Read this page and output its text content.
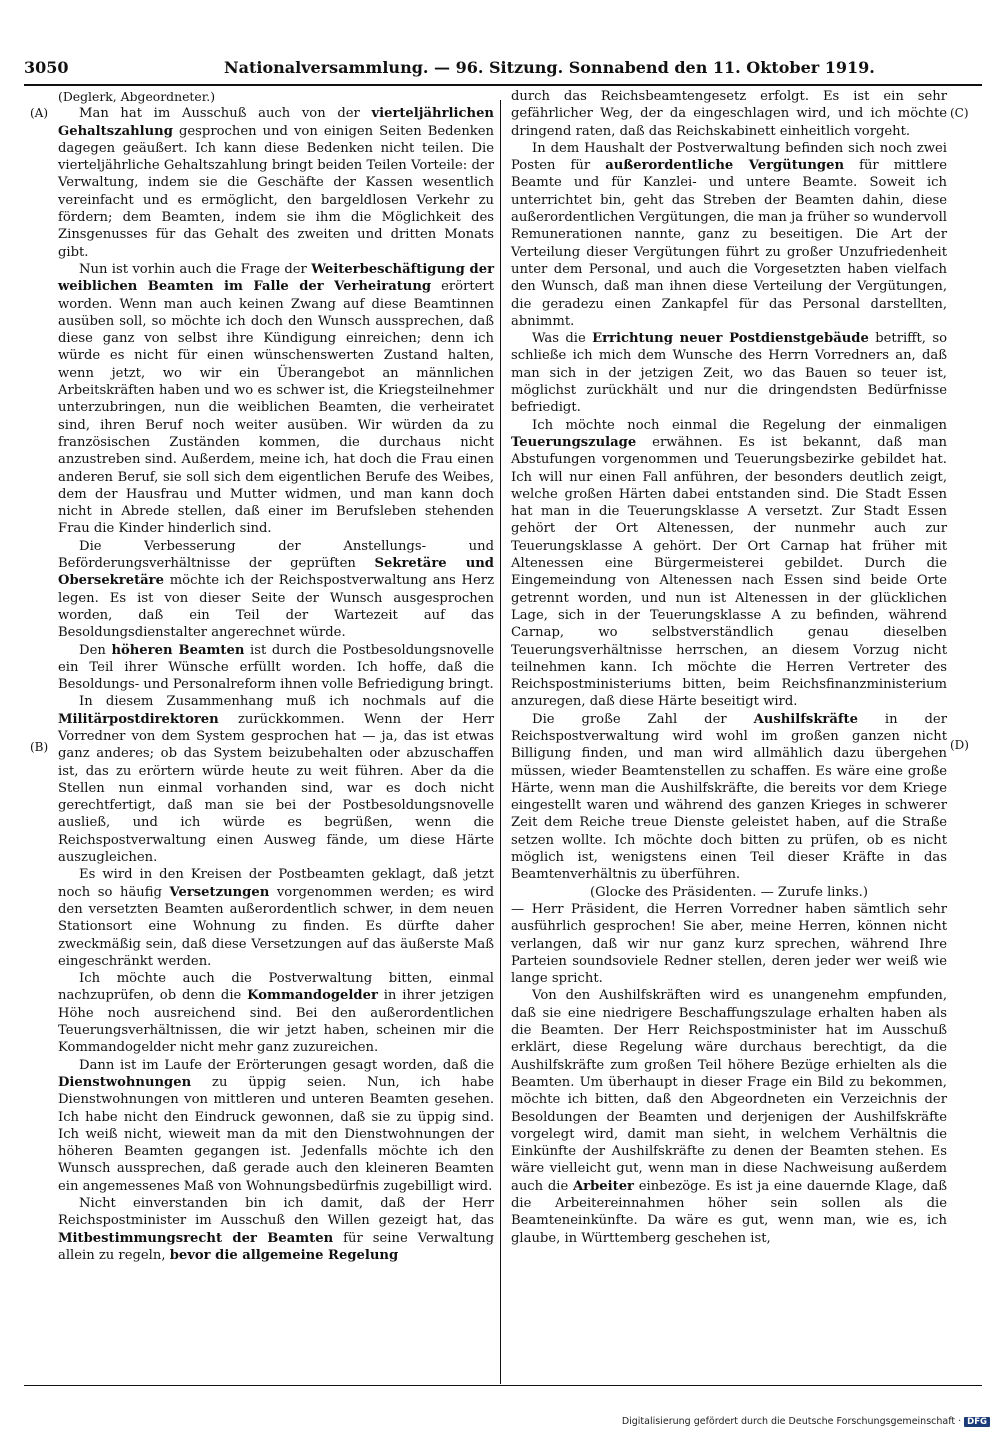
3050	Nationalversammlung. — 96. Sitzung. Sonnabend den 11. Oktober 1919.
(A)
(B)
(C)
(D)

(Deglerk, Abgeordneter.)

Man hat im Ausschuß auch von der vierteljährlichen Gehaltszahlung gesprochen und von einigen Seiten Bedenken dagegen geäußert. Ich kann diese Bedenken nicht teilen. Die vierteljährliche Gehaltszahlung bringt beiden Teilen Vorteile: der Verwaltung, indem sie die Geschäfte der Kassen wesentlich vereinfacht und es ermöglicht, den bargeldlosen Verkehr zu fördern; dem Beamten, indem sie ihm die Möglichkeit des Zinsgenusses für das Gehalt des zweiten und dritten Monats gibt.

Nun ist vorhin auch die Frage der Weiterbeschäftigung der weiblichen Beamten im Falle der Verheiratung erörtert worden. Wenn man auch keinen Zwang auf diese Beamtinnen ausüben soll, so möchte ich doch den Wunsch aussprechen, daß diese ganz von selbst ihre Kündigung einreichen; denn ich würde es nicht für einen wünschenswerten Zustand halten, wenn jetzt, wo wir ein Überangebot an männlichen Arbeitskräften haben und wo es schwer ist, die Kriegsteilnehmer unterzubringen, nun die weiblichen Beamten, die verheiratet sind, ihren Beruf noch weiter ausüben. Wir würden da zu französischen Zuständen kommen, die durchaus nicht anzustreben sind. Außerdem, meine ich, hat doch die Frau einen anderen Beruf, sie soll sich dem eigentlichen Berufe des Weibes, dem der Hausfrau und Mutter widmen, und man kann doch nicht in Abrede stellen, daß einer im Berufsleben stehenden Frau die Kinder hinderlich sind.

Die Verbesserung der Anstellungs- und Beförderungsverhältnisse der geprüften Sekretäre und Obersekretäre möchte ich der Reichspostverwaltung ans Herz legen. Es ist von dieser Seite der Wunsch ausgesprochen worden, daß ein Teil der Wartezeit auf das Besoldungsdienstalter angerechnet würde.

Den höheren Beamten ist durch die Postbesoldungsnovelle ein Teil ihrer Wünsche erfüllt worden. Ich hoffe, daß die Besoldungs- und Personalreform ihnen volle Befriedigung bringt.

In diesem Zusammenhang muß ich nochmals auf die Militärpostdirektoren zurückkommen. Wenn der Herr Vorredner von dem System gesprochen hat — ja, das ist etwas ganz anderes; ob das System beizubehalten oder abzuschaffen ist, das zu erörtern würde heute zu weit führen. Aber da die Stellen nun einmal vorhanden sind, war es doch nicht gerechtfertigt, daß man sie bei der Postbesoldungsnovelle ausließ, und ich würde es begrüßen, wenn die Reichspostverwaltung einen Ausweg fände, um diese Härte auszugleichen.

Es wird in den Kreisen der Postbeamten geklagt, daß jetzt noch so häufig Versetzungen vorgenommen werden; es wird den versetzten Beamten außerordentlich schwer, in dem neuen Stationsort eine Wohnung zu finden. Es dürfte daher zweckmäßig sein, daß diese Versetzungen auf das äußerste Maß eingeschränkt werden.

Ich möchte auch die Postverwaltung bitten, einmal nachzuprüfen, ob denn die Kommandogelder in ihrer jetzigen Höhe noch ausreichend sind. Bei den außerordentlichen Teuerungsverhältnissen, die wir jetzt haben, scheinen mir die Kommandogelder nicht mehr ganz zuzureichen.

Dann ist im Laufe der Erörterungen gesagt worden, daß die Dienstwohnungen zu üppig seien. Nun, ich habe Dienstwohnungen von mittleren und unteren Beamten gesehen. Ich habe nicht den Eindruck gewonnen, daß sie zu üppig sind. Ich weiß nicht, wieweit man da mit den Dienstwohnungen der höheren Beamten gegangen ist. Jedenfalls möchte ich den Wunsch aussprechen, daß gerade auch den kleineren Beamten ein angemessenes Maß von Wohnungsbedürfnis zugebilligt wird.

Nicht einverstanden bin ich damit, daß der Herr Reichspostminister im Ausschuß den Willen gezeigt hat, das Mitbestimmungsrecht der Beamten für seine Verwaltung allein zu regeln, bevor die allgemeine Regelung

durch das Reichsbeamtengesetz erfolgt. Es ist ein sehr gefährlicher Weg, der da eingeschlagen wird, und ich möchte dringend raten, daß das Reichskabinett einheitlich vorgeht.

In dem Haushalt der Postverwaltung befinden sich noch zwei Posten für außerordentliche Vergütungen für mittlere Beamte und für Kanzlei- und untere Beamte. Soweit ich unterrichtet bin, geht das Streben der Beamten dahin, diese außerordentlichen Vergütungen, die man ja früher so wundervoll Remunerationen nannte, ganz zu beseitigen. Die Art der Verteilung dieser Vergütungen führt zu großer Unzufriedenheit unter dem Personal, und auch die Vorgesetzten haben vielfach den Wunsch, daß man ihnen diese Verteilung der Vergütungen, die geradezu einen Zankapfel für das Personal darstellten, abnimmt.

Was die Errichtung neuer Postdienstgebäude betrifft, so schließe ich mich dem Wunsche des Herrn Vorredners an, daß man sich in der jetzigen Zeit, wo das Bauen so teuer ist, möglichst zurückhält und nur die dringendsten Bedürfnisse befriedigt.

Ich möchte noch einmal die Regelung der einmaligen Teuerungszulage erwähnen. Es ist bekannt, daß man Abstufungen vorgenommen und Teuerungsbezirke gebildet hat. Ich will nur einen Fall anführen, der besonders deutlich zeigt, welche großen Härten dabei entstanden sind. Die Stadt Essen hat man in die Teuerungsklasse A versetzt. Zur Stadt Essen gehört der Ort Altenessen, der nunmehr auch zur Teuerungsklasse A gehört. Der Ort Carnap hat früher mit Altenessen eine Bürgermeisterei gebildet. Durch die Eingemeindung von Altenessen nach Essen sind beide Orte getrennt worden, und nun ist Altenessen in der glücklichen Lage, sich in der Teuerungsklasse A zu befinden, während Carnap, wo selbstverständlich genau dieselben Teuerungsverhältnisse herrschen, an diesem Vorzug nicht teilnehmen kann. Ich möchte die Herren Vertreter des Reichspostministeriums bitten, beim Reichsfinanzministerium anzuregen, daß diese Härte beseitigt wird.

Die große Zahl der Aushilfskräfte in der Reichspostverwaltung wird wohl im großen ganzen nicht Billigung finden, und man wird allmählich dazu übergehen müssen, wieder Beamtenstellen zu schaffen. Es wäre eine große Härte, wenn man die Aushilfskräfte, die bereits vor dem Kriege eingestellt waren und während des ganzen Krieges in schwerer Zeit dem Reiche treue Dienste geleistet haben, auf die Straße setzen wollte. Ich möchte doch bitten zu prüfen, ob es nicht möglich ist, wenigstens einen Teil dieser Kräfte in das Beamtenverhältnis zu überführen.

(Glocke des Präsidenten. — Zurufe links.)

— Herr Präsident, die Herren Vorredner haben sämtlich sehr ausführlich gesprochen! Sie aber, meine Herren, können nicht verlangen, daß wir nur ganz kurz sprechen, während Ihre Parteien soundsoviele Redner stellen, deren jeder wer weiß wie lange spricht.

Von den Aushilfskräften wird es unangenehm empfunden, daß sie eine niedrigere Beschaffungszulage erhalten haben als die Beamten. Der Herr Reichspostminister hat im Ausschuß erklärt, diese Regelung wäre durchaus berechtigt, da die Aushilfskräfte zum großen Teil höhere Bezüge erhielten als die Beamten. Um überhaupt in dieser Frage ein Bild zu bekommen, möchte ich bitten, daß den Abgeordneten ein Verzeichnis der Besoldungen der Beamten und derjenigen der Aushilfskräfte vorgelegt wird, damit man sieht, in welchem Verhältnis die Einkünfte der Aushilfskräfte zu denen der Beamten stehen. Es wäre vielleicht gut, wenn man in diese Nachweisung außerdem auch die Arbeiter einbezöge. Es ist ja eine dauernde Klage, daß die Arbeitereinnahmen höher sein sollen als die Beamteneinkünfte. Da wäre es gut, wenn man, wie es, ich glaube, in Württemberg geschehen ist,

Digitalisierung gefördert durch die Deutsche Forschungsgemeinschaft · DFG
